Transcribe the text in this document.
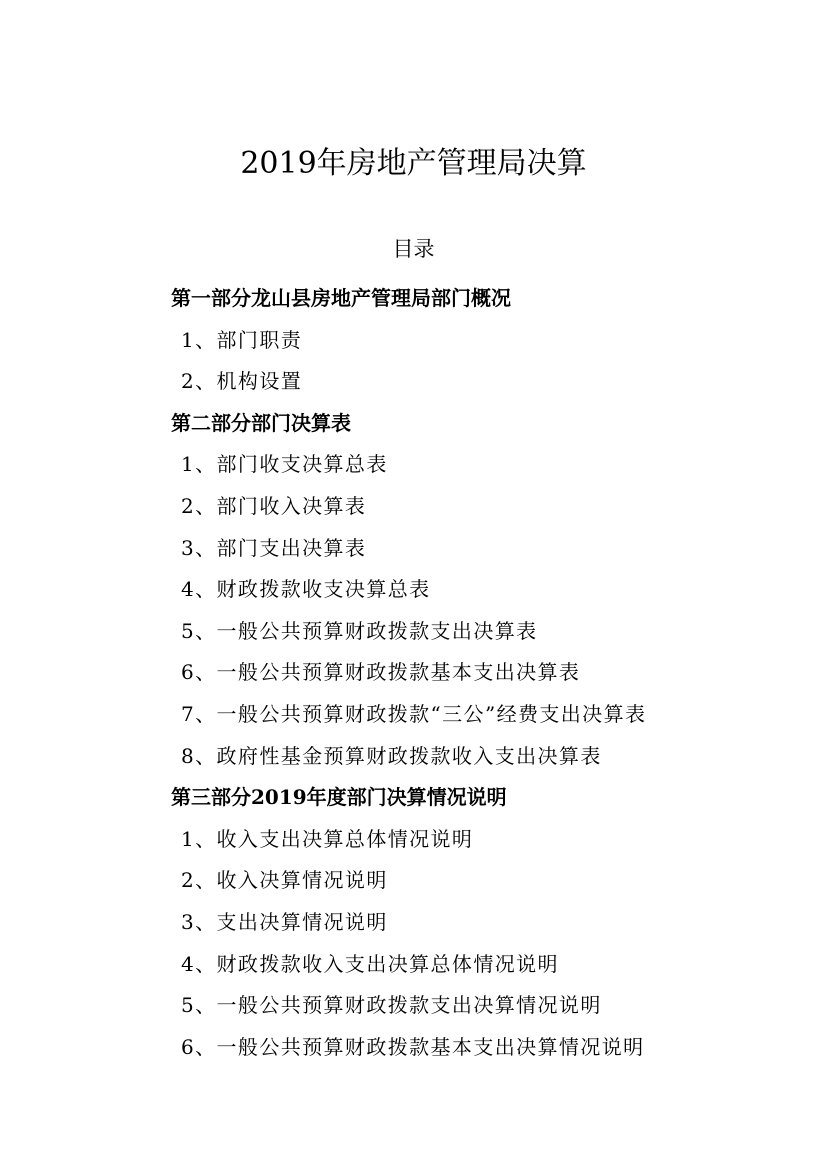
2019年房地产管理局决算
目录
第一部分龙山县房地产管理局部门概况
1、部门职责
2、机构设置
第二部分部门决算表
1、部门收支决算总表
2、部门收入决算表
3、部门支出决算表
4、财政拨款收支决算总表
5、一般公共预算财政拨款支出决算表
6、一般公共预算财政拨款基本支出决算表
7、一般公共预算财政拨款“三公”经费支出决算表
8、政府性基金预算财政拨款收入支出决算表
第三部分2019年度部门决算情况说明
1、收入支出决算总体情况说明
2、收入决算情况说明
3、支出决算情况说明
4、财政拨款收入支出决算总体情况说明
5、一般公共预算财政拨款支出决算情况说明
6、一般公共预算财政拨款基本支出决算情况说明
